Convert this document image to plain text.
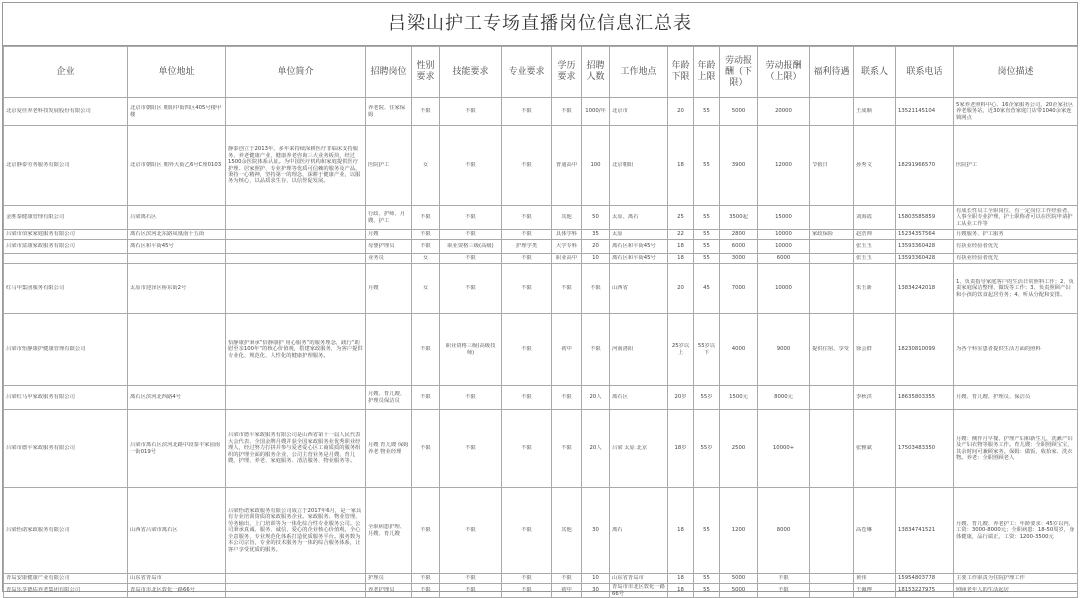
吕梁山护工专场直播岗位信息汇总表
企业	单位地址	单位简介	招聘岗位	性别要求	技能要求	专业要求	学历要求	招聘人数	工作地点	年龄下限	年龄上限	劳动报酬（下限）	劳动报酬（上限）	福利待遇	联系人	联系电话	岗位描述

北京爱佳养老科技发展股份有限公司	北京市朝阳区 朝阳中街四区405号楼甲楼		养老院、住家保姆	不限	不限	不限	不限	1000/年	北京市	20	55	5000	20000		王成顺	13521145104	5家养老照料中心、16企家服务公司，20企家社区养老服务站，近30家直营家庭门店带1040余家连锁网点

北京静泰劳务服务有限公司	北京市朝阳区 朝外大街乙6号C座0103	静泰创立于2013年，多年来持续深耕医疗非临床支持服务、养老健康产业、健康养老咨询三大业务板块，经过1500余医院体系认证。为中国医疗机构和家庭提供医疗护理、居家照护、专业护理等优质可信赖的服务及产品，秉持一心精神，坚持第一的理念，深耕于健康产业，以服务为核心，以品质求生存，以信誉促发展。	医院护工	女	不限	不限	普通高中	100	北京朝阳	18	55	3900	12000	节假日	孙秀文	18291966570	医院护工

金胜泰健康管理有限公司	吕梁离石区		行政、护师、月嫂、护工	不限	不限	不限	其他	50	太原、离石	25	55	3500起	15000		刘海霞	15803585859	有成长性员工全职岗位，有一定岗位工作经验者，人事全职专业护理，护士职称者可以在医院申请护工从业工作等

吕梁市佰家家庭服务有限公司	离石区滨河北东路凤凰南十五街		月嫂	不限	不限	不限	具体学科	35	太原	22	55	2800	10000	家政保险	赵浩帅	15234357564	月嫂服务、护工服务

吕梁市富康家政服务有限公司	离石区和平街45号		母婴护理员	不限	职业资格三级(高级)	护理学类	大学专科	20	离石区和平街45号	18	55	6000	10000		张玉玉	13593360428	有执业经验者优先

			业务员	女	不限	不限	职业高中	10	离石区和平街45号	18	55	3000	6000		张玉玉	13593360428	有执业经验者优先

红马甲集团服务有限公司	太原市迎泽区桥东街2号		月嫂	女	不限	不限	不限	不限	山西省	20	45	7000	10000		朱玉新	13834242018	1、负责指导家庭客户的生活日常照料工作；2、负责家庭保洁整理、做饭等工作；3、负责照顾产妇和小孩的饮食起居劳务；4、听从分配和安排。

吕梁市怡静康护健康管理有限公司		恰静康护秉承“恰静康护 用心服务”的服务理念，践行“助慰至亲100年”的核心价值观，搭建家政服务，为客户提供专业化、规范化、人性化的健康护理服务。		不限	职业资格三级(高级技师)	不限	初中	不限	河南洛阳	25岁以上	55岁以下	4000	9000	提供住宿，享受	徐会群	18230810099	为各个科室患者提供生活方面的照料

吕梁红马甲家政服务有限公司	离石区滨河北西路4号		月嫂、育儿嫂、护理员保洁员	不限	不限	不限	不限	20人	离石区	20岁	55岁	1500元	8000元		李秋洪	18635803355	月嫂、育儿嫂、护理员、保洁员

吕梁市德平家政服务有限公司	吕梁市离石区滨河北路中段泰丰家园南一街019号	吕梁市德平家政服务有限公司是山西省第十一届人民代表大会代表、全国金牌月嫂并获全国家政服务业优秀职业经理人，经过努力打拼并参与爱老爱心区工商质质的服务组织的护理全面的服务企业，公司主营业务是月嫂、育儿嫂、护理、养老、家庭服务、清洁服务、物业服务等。	月嫂 育儿嫂 保姆 养老 物业经理	不限	不限	不限	不限	20人	吕梁 太原 北京	18岁	55岁	2500	10000+		张雅斌	17503483350	月嫂：侧作月早餐、护理产妇和新生儿，洗漱产妇及产妇衣物等服务工作。育儿嫂：全职照顾宝宝，其余时间可兼顾家务。保姆：做饭、收拾家、洗衣物。养老：全职照顾老人

吕梁怡诺家政服务有限公司	山西省吕梁市离石区	吕梁怡诺家政服务有限公司成立于2017年6月，是一家具有专业培训资质的家政服务企业。家政服务、物业管理、劳务输出，上门培训等为一体化综合性专业服务公司。公司秉承真诚、服务、诚信、爱心的企业核心价值观，全心全意服务，专业规范化体系打造优质服务平台。服务数为本公司宗旨，专业的技术服务为一体的综合服务体系，让客户享受优质的服务。	全职病患护理、月嫂、育儿嫂	不限	不限	不限	其他	30	离石	18	55	1200	8000		高苍琳	13834741521	月嫂、育儿嫂、养老护工：年龄要求：45岁以内，工资：3000-8000元；全职病患：18-50周岁，身体健康，品行端正，工资：1200-3500元

青岛安康健康产业有限公司	山东省青岛市		护理员	不限	不限	不限	不限	10	山东省青岛市	18	55	5000	不限		黄伟	15954803778	主要工作职责为住院护理工作

青岛乐享德佑养老集团有限公司	青岛市市北区敦化一路66号		养老护理员	不限	不限	不限	初中	30	青岛市市北区敦化一路66号	18	55	5000	不限		王佩博	18153227975	照顾老年人的生活起居
